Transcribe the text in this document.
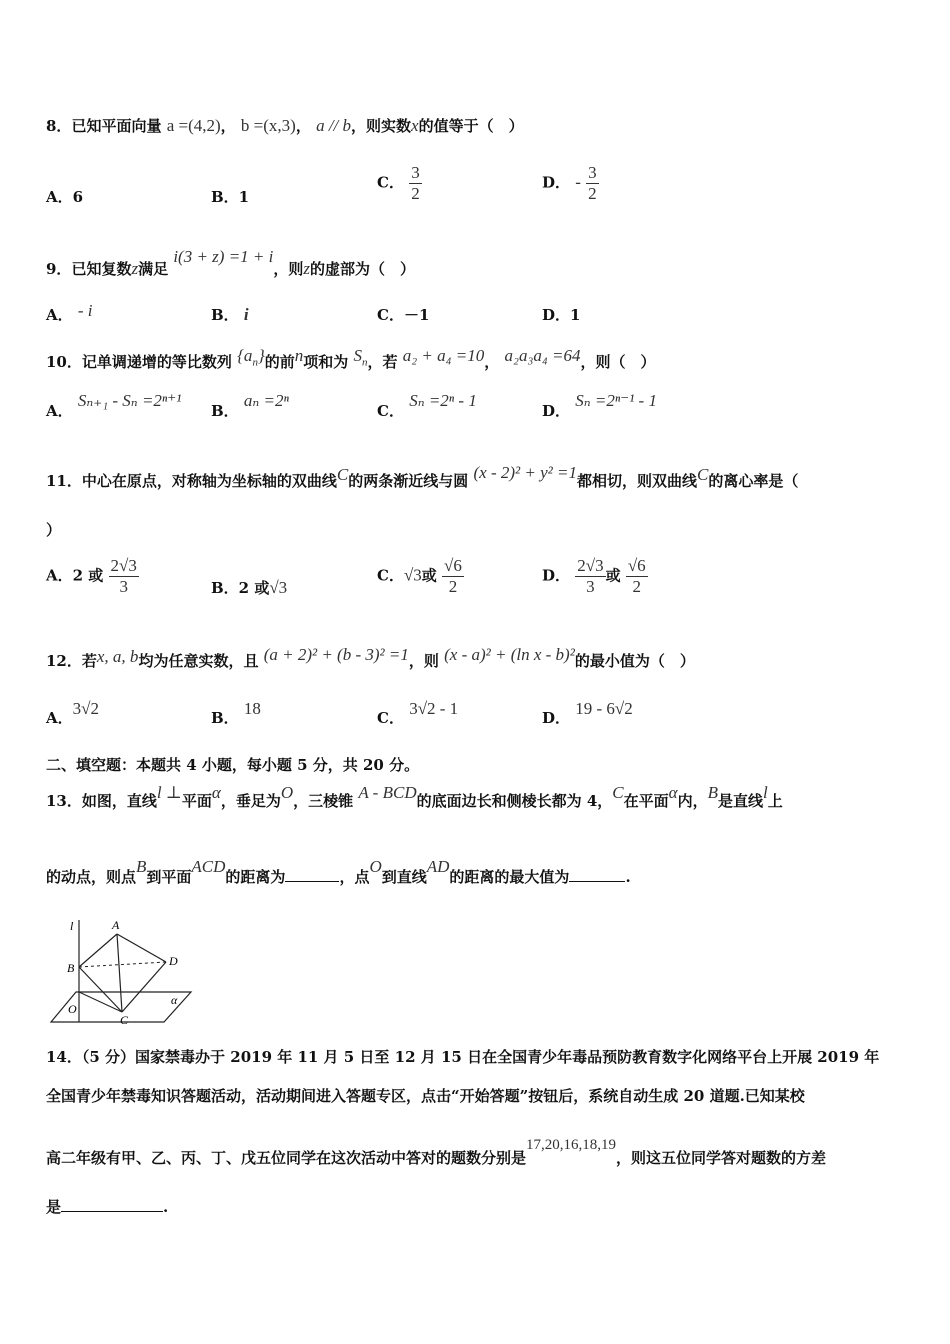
8．已知平面向量 a =(4,2)， b =(x,3)， a // b，则实数x的值等于（　）
A．6	B．1
C． $\frac{3}{2}$	D． - $\frac{3}{2}$
9．已知复数z满足 i(3 + z) =1 + i，则z的虚部为（　）
A． - i	B． i	C．－1	D．1
10．记单调递增的等比数列 $\{a_n\}$的前n项和为 $S_n$，若 a₂ + a₄ =10， a₂a₃a₄ =64，则（　）
A． Sₙ₊₁ - Sₙ =2ⁿ⁺¹
B． aₙ =2ⁿ
C． Sₙ =2ⁿ - 1
D． Sₙ =2ⁿ⁻¹ - 1
11．中心在原点，对称轴为坐标轴的双曲线C的两条渐近线与圆 (x - 2)² + y² =1都相切，则双曲线C的离心率是（
）
A．2 或 $\frac{2√3}{3}$	B．2 或√3
C．√3或 $\frac{√6}{2}$	D． $\frac{2√3}{3}$ 或 $\frac{√6}{2}$
12．若x, a, b均为任意实数，且 (a + 2)² + (b - 3)² =1，则 (x - a)² + (ln x - b)²的最小值为（　）
A．3√2	B． 18	C． 3√2 - 1	D． 19 - 6√2
二、填空题：本题共 4 小题，每小题 5 分，共 20 分。
13．如图，直线l ⊥平面α，垂足为O，三棱锥 A - BCD的底面边长和侧棱长都为 4，C在平面α内，B是直线l上
的动点，则点B到平面ACD的距离为	，点O到直线AD的距离的最大值为	.
l	A
B	D
O
C
α
14．（5 分）国家禁毒办于 2019 年 11 月 5 日至 12 月 15 日在全国青少年毒品预防教育数字化网络平台上开展 2019 年
全国青少年禁毒知识答题活动，活动期间进入答题专区，点击“开始答题”按钮后，系统自动生成 20 道题.已知某校
高二年级有甲、乙、丙、丁、戊五位同学在这次活动中答对的题数分别是17,20,16,18,19，则这五位同学答对题数的方差
是	.
